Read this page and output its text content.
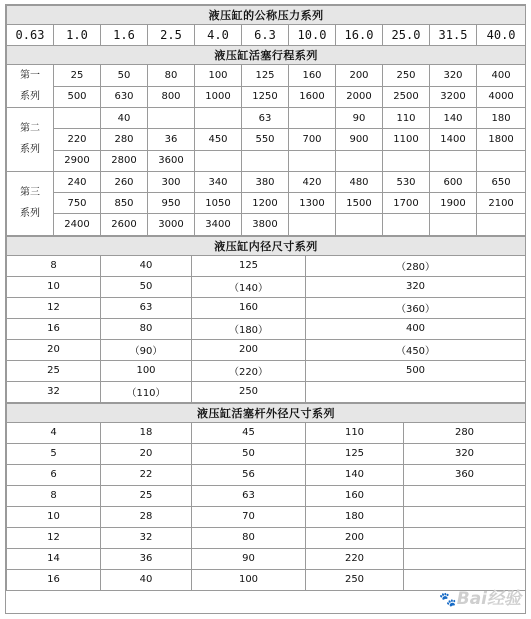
液压缸的公称压力系列										
0.63	1.0	1.6	2.5	4.0	6.3	10.0	16.0	25.0	31.5	40.0
液压缸活塞行程系列										

第一
系列	25	50	80	100	125	160	200	250	320	400
	500	630	800	1000	1250	1600	2000	2500	3200	4000

第二
系列		40			63		90	110	140	180
	220	280	36	450	550	700	900	1100	1400	1800
	2900	2800	3600							

第三
系列	240	260	300	340	380	420	480	530	600	650
	750	850	950	1050	1200	1300	1500	1700	1900	2100
	2400	2600	3000	3400	3800					
液压缸内径尺寸系列			
8	40	125	（280）
10	50	（140）	320
12	63	160	（360）
16	80	（180）	400
20	（90）	200	（450）
25	100	（220）	500
32	（110）	250	
液压缸活塞杆外径尺寸系列				
4	18	45	110	280
5	20	50	125	320
6	22	56	140	360
8	25	63	160	
10	28	70	180	
12	32	80	200	
14	36	90	220	
16	40	100	250	
🐾Bai经验
